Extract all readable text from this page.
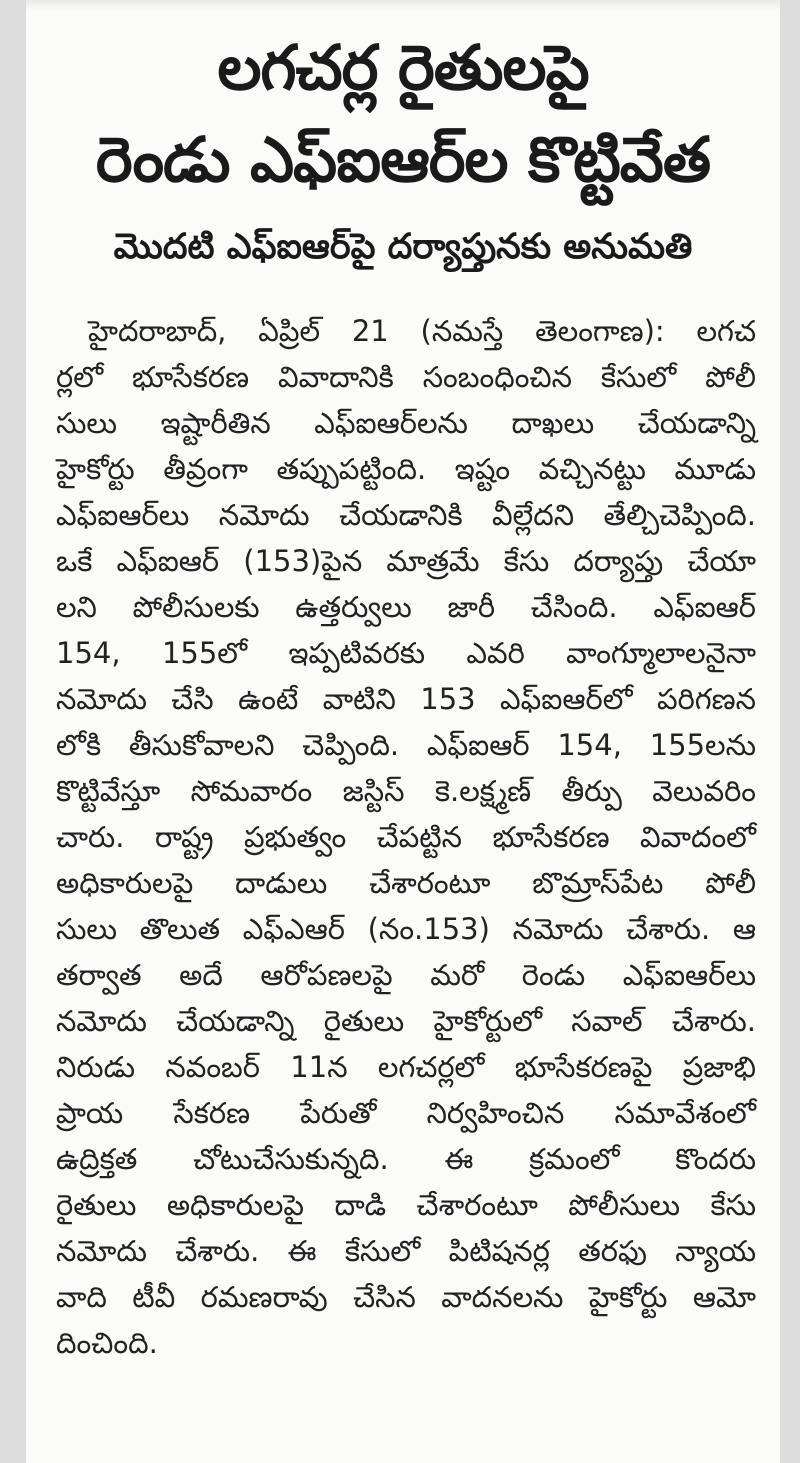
లగచర్ల రైతులపై
రెండు ఎఫ్ఐఆర్‌ల కొట్టివేత
మొదటి ఎఫ్ఐఆర్‌పై దర్యాప్తునకు అనుమతి
హైదరాబాద్, ఏప్రిల్ 21 (నమస్తే తెలంగాణ): లగచ
ర్లలో భూసేకరణ వివాదానికి సంబంధించిన కేసులో పోలీ
సులు ఇష్టారీతిన ఎఫ్ఐఆర్‌లను దాఖలు చేయడాన్ని
హైకోర్టు తీవ్రంగా తప్పుపట్టింది. ఇష్టం వచ్చినట్టు మూడు
ఎఫ్ఐఆర్‌లు నమోదు చేయడానికి వీల్లేదని తేల్చిచెప్పింది.
ఒకే ఎఫ్ఐఆర్ (153)పైన మాత్రమే కేసు దర్యాప్తు చేయా
లని పోలీసులకు ఉత్తర్వులు జారీ చేసింది. ఎఫ్ఐఆర్
154, 155లో ఇప్పటివరకు ఎవరి వాంగ్మూలాలనైనా
నమోదు చేసి ఉంటే వాటిని 153 ఎఫ్ఐఆర్‌లో పరిగణన
లోకి తీసుకోవాలని చెప్పింది. ఎఫ్ఐఆర్ 154, 155లను
కొట్టివేస్తూ సోమవారం జస్టిస్ కె.లక్ష్మణ్ తీర్పు వెలువరిం
చారు. రాష్ట్ర ప్రభుత్వం చేపట్టిన భూసేకరణ వివాదంలో
అధికారులపై దాడులు చేశారంటూ బొమ్రాస్‌పేట పోలీ
సులు తొలుత ఎఫ్ఎఆర్ (నం.153) నమోదు చేశారు. ఆ
తర్వాత అదే ఆరోపణలపై మరో రెండు ఎఫ్ఐఆర్‌లు
నమోదు చేయడాన్ని రైతులు హైకోర్టులో సవాల్ చేశారు.
నిరుడు నవంబర్ 11న లగచర్లలో భూసేకరణపై ప్రజాభి
ప్రాయ సేకరణ పేరుతో నిర్వహించిన సమావేశంలో
ఉద్రిక్తత చోటుచేసుకున్నది. ఈ క్రమంలో కొందరు
రైతులు అధికారులపై దాడి చేశారంటూ పోలీసులు కేసు
నమోదు చేశారు. ఈ కేసులో పిటిషనర్ల తరఫు న్యాయ
వాది టీవీ రమణరావు చేసిన వాదనలను హైకోర్టు ఆమో
దించింది.
